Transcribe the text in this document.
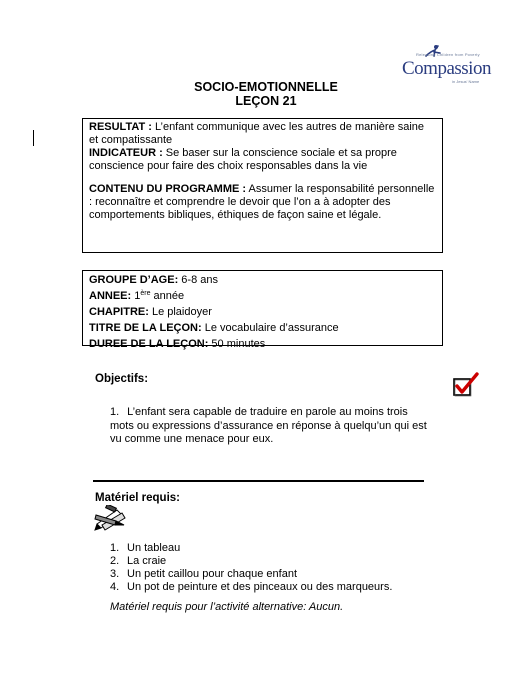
Releasing Children from Poverty
Compassion
in Jesus' Name
SOCIO-EMOTIONNELLE
LEÇON 21

RESULTAT : L’enfant communique avec les autres de manière saine et compatissante

INDICATEUR : Se baser sur la conscience sociale et sa propre conscience pour faire des choix responsables dans la vie

CONTENU DU PROGRAMME : Assumer la responsabilité personnelle : reconnaître et comprendre le devoir que l’on a à adopter des comportements bibliques, éthiques de façon saine et légale.

GROUPE D’AGE: 6-8 ans
ANNEE: 1ère année
CHAPITRE: Le plaidoyer
TITRE DE LA LEÇON: Le vocabulaire d’assurance
DUREE DE LA LEÇON: 50 minutes
Objectifs:
1. L’enfant sera capable de traduire en parole au moins trois mots ou expressions d’assurance en réponse à quelqu’un qui est vu comme une menace pour eux.
Matériel requis:
1. Un tableau
2. La craie
3. Un petit caillou pour chaque enfant
4. Un pot de peinture et des pinceaux ou des marqueurs.
Matériel requis pour l’activité alternative: Aucun.
